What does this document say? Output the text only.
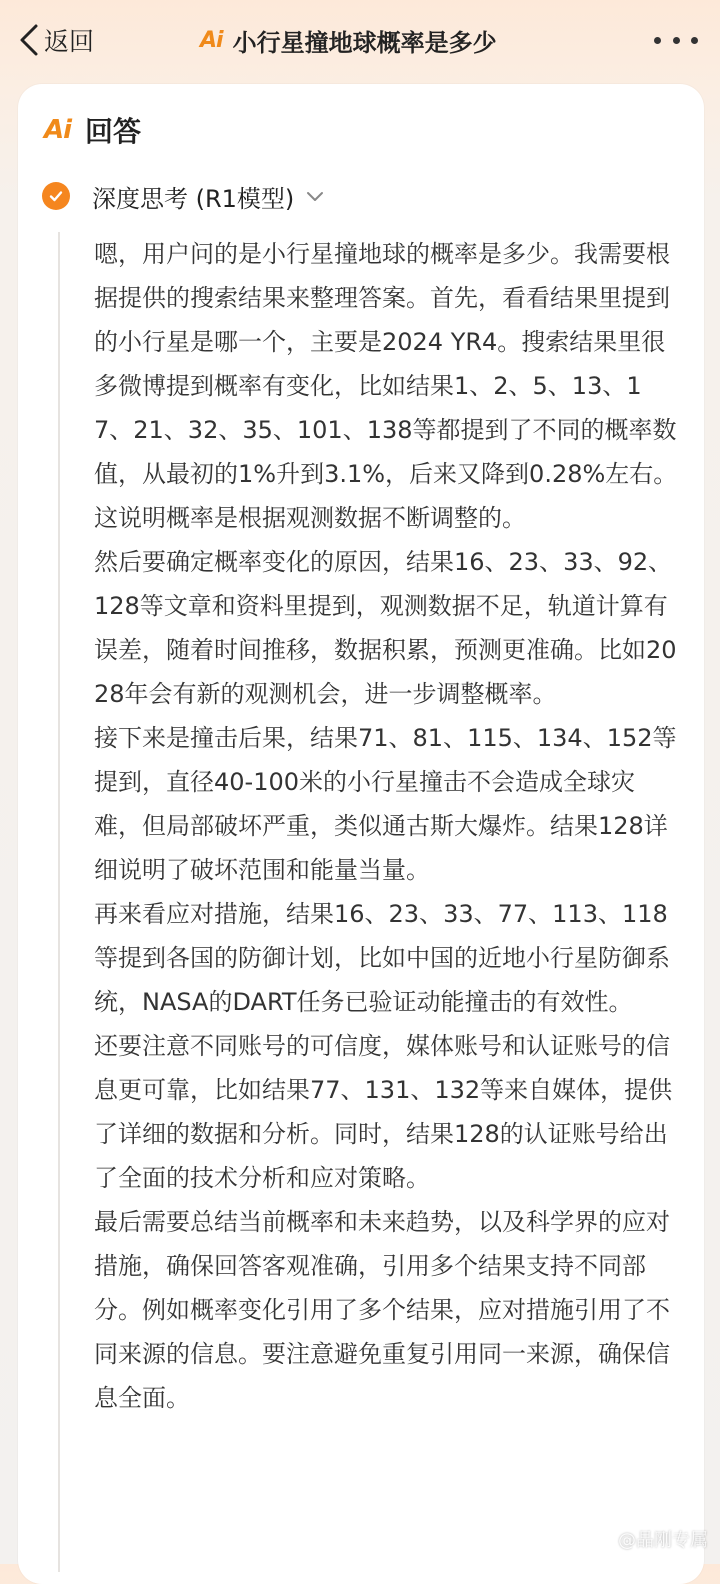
返回	Ai 小行星撞地球概率是多少
Ai 回答
深度思考 (R1模型)

嗯，用户问的是小行星撞地球的概率是多少。我需要根据提供的搜索结果来整理答案。首先，看看结果里提到的小行星是哪一个，主要是2024 YR4。搜索结果里很多微博提到概率有变化，比如结果1、2、5、13、17、21、32、35、101、138等都提到了不同的概率数值，从最初的1%升到3.1%，后来又降到0.28%左右。这说明概率是根据观测数据不断调整的。

然后要确定概率变化的原因，结果16、23、33、92、128等文章和资料里提到，观测数据不足，轨道计算有误差，随着时间推移，数据积累，预测更准确。比如2028年会有新的观测机会，进一步调整概率。

接下来是撞击后果，结果71、81、115、134、152等提到，直径40-100米的小行星撞击不会造成全球灾难，但局部破坏严重，类似通古斯大爆炸。结果128详细说明了破坏范围和能量当量。

再来看应对措施，结果16、23、33、77、113、118等提到各国的防御计划，比如中国的近地小行星防御系统，NASA的DART任务已验证动能撞击的有效性。

还要注意不同账号的可信度，媒体账号和认证账号的信息更可靠，比如结果77、131、132等来自媒体，提供了详细的数据和分析。同时，结果128的认证账号给出了全面的技术分析和应对策略。

最后需要总结当前概率和未来趋势，以及科学界的应对措施，确保回答客观准确，引用多个结果支持不同部分。例如概率变化引用了多个结果，应对措施引用了不同来源的信息。要注意避免重复引用同一来源，确保信息全面。

@晶刚专属
